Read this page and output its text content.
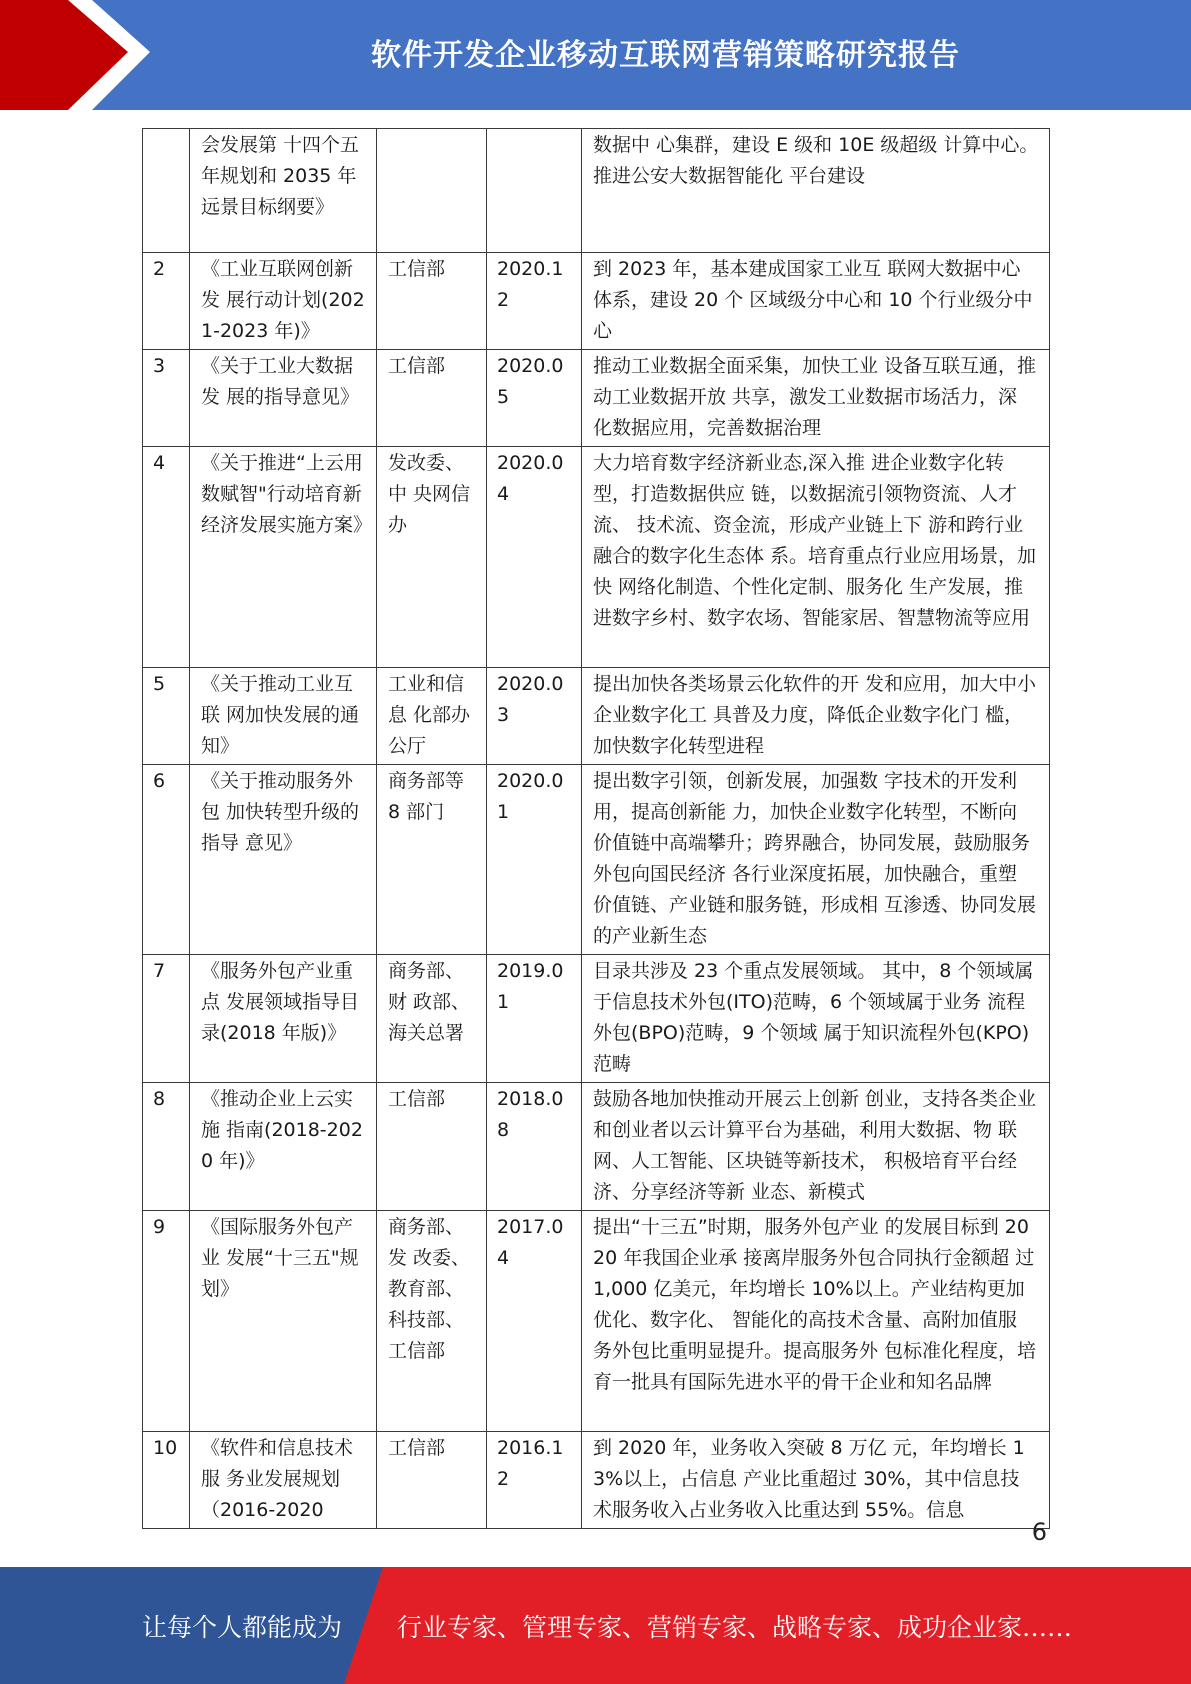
软件开发企业移动互联网营销策略研究报告
	会发展第 十四个五年规划和 2035 年远景目标纲要》			数据中 心集群，建设 E 级和 10E 级超级 计算中心。推进公安大数据智能化 平台建设
2	《工业互联网创新发 展行动计划(2021-2023 年)》	工信部	2020.12	到 2023 年，基本建成国家工业互 联网大数据中心体系，建设 20 个 区域级分中心和 10 个行业级分中 心
3	《关于工业大数据发 展的指导意见》	工信部	2020.05	推动工业数据全面采集，加快工业 设备互联互通，推动工业数据开放 共享，激发工业数据市场活力，深 化数据应用，完善数据治理
4	《关于推进“上云用 数赋智"行动培育新 经济发展实施方案》	发改委、中 央网信办	2020.04	大力培育数字经济新业态,深入推 进企业数字化转型，打造数据供应 链，以数据流引领物资流、人才流、 技术流、资金流，形成产业链上下 游和跨行业融合的数字化生态体 系。培育重点行业应用场景，加快 网络化制造、个性化定制、服务化 生产发展，推进数字乡村、数字农场、智能家居、智慧物流等应用
5	《关于推动工业互联 网加快发展的通知》	工业和信息 化部办公厅	2020.03	提出加快各类场景云化软件的开 发和应用，加大中小企业数字化工 具普及力度，降低企业数字化门 槛，加快数字化转型进程
6	《关于推动服务外包 加快转型升级的指导 意见》	商务部等 8 部门	2020.01	提出数字引领，创新发展，加强数 字技术的开发利用，提高创新能 力，加快企业数字化转型，不断向 价值链中高端攀升；跨界融合，协同发展，鼓励服务外包向国民经济 各行业深度拓展，加快融合，重塑 价值链、产业链和服务链，形成相 互渗透、协同发展的产业新生态
7	《服务外包产业重点 发展领域指导目录(2018 年版)》	商务部、财 政部、海关总署	2019.01	目录共涉及 23 个重点发展领域。 其中，8 个领域属于信息技术外包(ITO)范畴，6 个领域属于业务 流程外包(BPO)范畴，9 个领域 属于知识流程外包(KPO)范畴
8	《推动企业上云实施 指南(2018-2020 年)》	工信部	2018.08	鼓励各地加快推动开展云上创新 创业，支持各类企业和创业者以云计算平台为基础，利用大数据、物 联网、人工智能、区块链等新技术， 积极培育平台经济、分享经济等新 业态、新模式
9	《国际服务外包产业 发展“十三五"规划》	商务部、发 改委、教育部、科技部、工信部	2017.04	提出“十三五”时期，服务外包产业 的发展目标到 2020 年我国企业承 接离岸服务外包合同执行金额超 过 1,000 亿美元，年均增长 10%以上。产业结构更加优化、数字化、 智能化的高技术含量、高附加值服 务外包比重明显提升。提高服务外 包标准化程度，培育一批具有国际先进水平的骨干企业和知名品牌
10	《软件和信息技术服 务业发展规划（2016-2020	工信部	2016.12	到 2020 年，业务收入突破 8 万亿 元，年均增长 13%以上，占信息 产业比重超过 30%，其中信息技 术服务收入占业务收入比重达到 55%。信息
6
让每个人都能成为 行业专家、管理专家、营销专家、战略专家、成功企业家……
